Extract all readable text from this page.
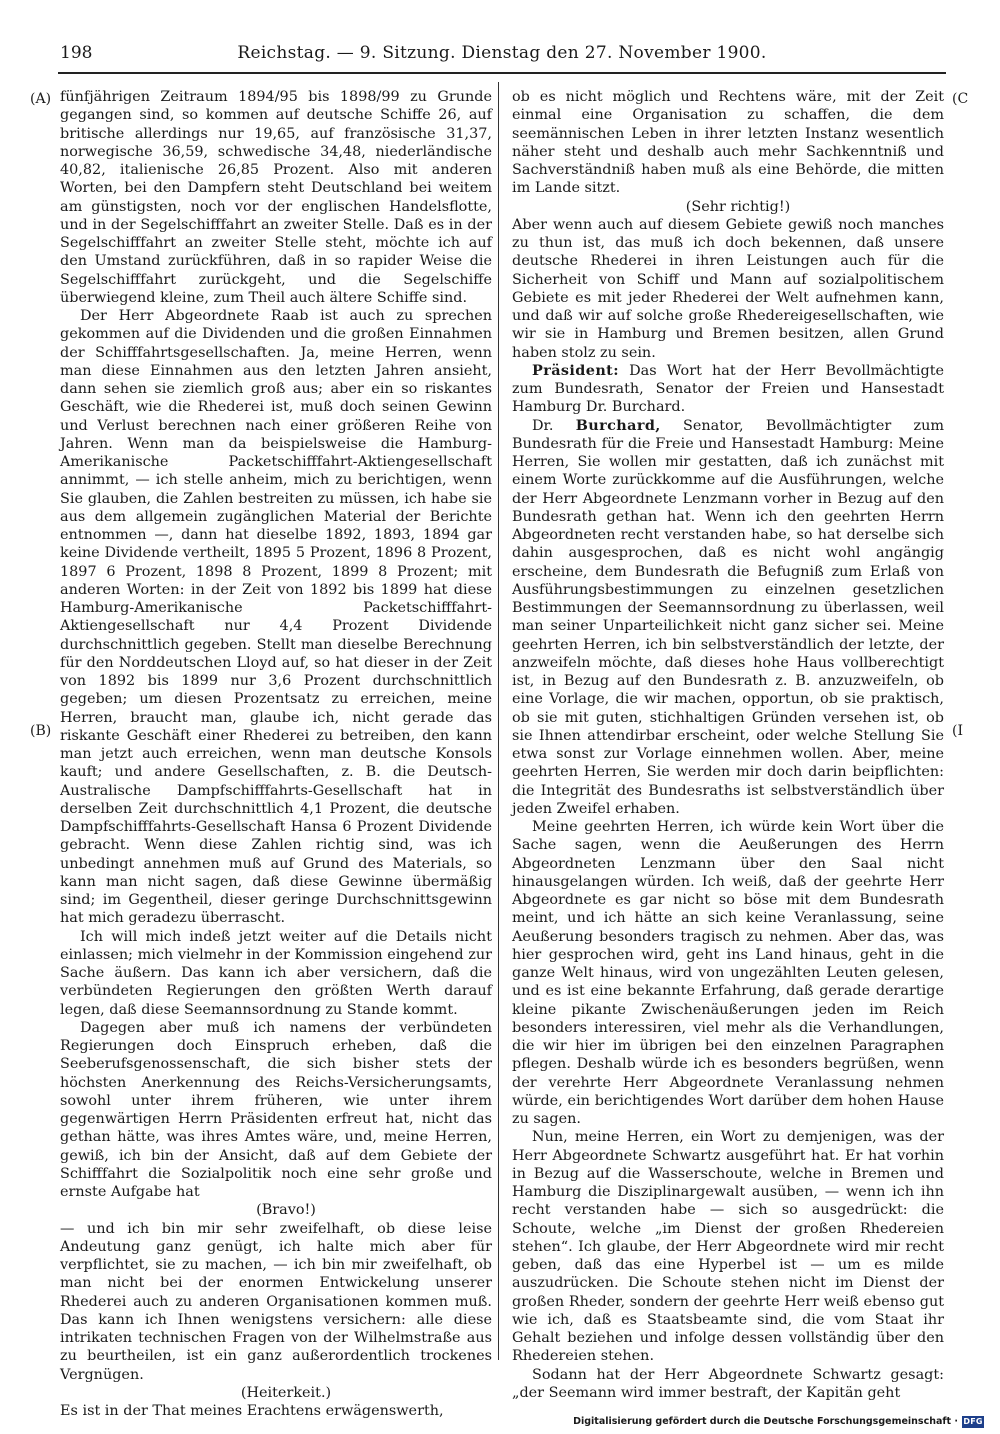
198	Reichstag. — 9. Sitzung. Dienstag den 27. November 1900.
(A)
(B)
(C
(I

fünfjährigen Zeitraum 1894/95 bis 1898/99 zu Grunde gegangen sind, so kommen auf deutsche Schiffe 26, auf britische allerdings nur 19,65, auf französische 31,37, norwegische 36,59, schwedische 34,48, niederländische 40,82, italienische 26,85 Prozent. Also mit anderen Worten, bei den Dampfern steht Deutschland bei weitem am günstigsten, noch vor der englischen Handelsflotte, und in der Segelschifffahrt an zweiter Stelle. Daß es in der Segelschifffahrt an zweiter Stelle steht, möchte ich auf den Umstand zurückführen, daß in so rapider Weise die Segelschifffahrt zurückgeht, und die Segelschiffe überwiegend kleine, zum Theil auch ältere Schiffe sind.

Der Herr Abgeordnete Raab ist auch zu sprechen gekommen auf die Dividenden und die großen Einnahmen der Schifffahrtsgesellschaften. Ja, meine Herren, wenn man diese Einnahmen aus den letzten Jahren ansieht, dann sehen sie ziemlich groß aus; aber ein so riskantes Geschäft, wie die Rhederei ist, muß doch seinen Gewinn und Verlust berechnen nach einer größeren Reihe von Jahren. Wenn man da beispielsweise die Hamburg-Amerikanische Packetschifffahrt-Aktiengesellschaft annimmt, — ich stelle anheim, mich zu berichtigen, wenn Sie glauben, die Zahlen bestreiten zu müssen, ich habe sie aus dem allgemein zugänglichen Material der Berichte entnommen —, dann hat dieselbe 1892, 1893, 1894 gar keine Dividende vertheilt, 1895 5 Prozent, 1896 8 Prozent, 1897 6 Prozent, 1898 8 Prozent, 1899 8 Prozent; mit anderen Worten: in der Zeit von 1892 bis 1899 hat diese Hamburg-Amerikanische Packetschifffahrt-Aktiengesellschaft nur 4,4 Prozent Dividende durchschnittlich gegeben. Stellt man dieselbe Berechnung für den Norddeutschen Lloyd auf, so hat dieser in der Zeit von 1892 bis 1899 nur 3,6 Prozent durchschnittlich gegeben; um diesen Prozentsatz zu erreichen, meine Herren, braucht man, glaube ich, nicht gerade das riskante Geschäft einer Rhederei zu betreiben, den kann man jetzt auch erreichen, wenn man deutsche Konsols kauft; und andere Gesellschaften, z. B. die Deutsch-Australische Dampfschifffahrts-Gesellschaft hat in derselben Zeit durchschnittlich 4,1 Prozent, die deutsche Dampfschifffahrts-Gesellschaft Hansa 6 Prozent Dividende gebracht. Wenn diese Zahlen richtig sind, was ich unbedingt annehmen muß auf Grund des Materials, so kann man nicht sagen, daß diese Gewinne übermäßig sind; im Gegentheil, dieser geringe Durchschnittsgewinn hat mich geradezu überrascht.

Ich will mich indeß jetzt weiter auf die Details nicht einlassen; mich vielmehr in der Kommission eingehend zur Sache äußern. Das kann ich aber versichern, daß die verbündeten Regierungen den größten Werth darauf legen, daß diese Seemannsordnung zu Stande kommt.

Dagegen aber muß ich namens der verbündeten Regierungen doch Einspruch erheben, daß die Seeberufsgenossenschaft, die sich bisher stets der höchsten Anerkennung des Reichs-Versicherungsamts, sowohl unter ihrem früheren, wie unter ihrem gegenwärtigen Herrn Präsidenten erfreut hat, nicht das gethan hätte, was ihres Amtes wäre, und, meine Herren, gewiß, ich bin der Ansicht, daß auf dem Gebiete der Schifffahrt die Sozialpolitik noch eine sehr große und ernste Aufgabe hat

(Bravo!)

— und ich bin mir sehr zweifelhaft, ob diese leise Andeutung ganz genügt, ich halte mich aber für verpflichtet, sie zu machen, — ich bin mir zweifelhaft, ob man nicht bei der enormen Entwickelung unserer Rhederei auch zu anderen Organisationen kommen muß. Das kann ich Ihnen wenigstens versichern: alle diese intrikaten technischen Fragen von der Wilhelmstraße aus zu beurtheilen, ist ein ganz außerordentlich trockenes Vergnügen.

(Heiterkeit.)

Es ist in der That meines Erachtens erwägenswerth,

ob es nicht möglich und Rechtens wäre, mit der Zeit einmal eine Organisation zu schaffen, die dem seemännischen Leben in ihrer letzten Instanz wesentlich näher steht und deshalb auch mehr Sachkenntniß und Sachverständniß haben muß als eine Behörde, die mitten im Lande sitzt.

(Sehr richtig!)

Aber wenn auch auf diesem Gebiete gewiß noch manches zu thun ist, das muß ich doch bekennen, daß unsere deutsche Rhederei in ihren Leistungen auch für die Sicherheit von Schiff und Mann auf sozialpolitischem Gebiete es mit jeder Rhederei der Welt aufnehmen kann, und daß wir auf solche große Rhedereigesellschaften, wie wir sie in Hamburg und Bremen besitzen, allen Grund haben stolz zu sein.

Präsident: Das Wort hat der Herr Bevollmächtigte zum Bundesrath, Senator der Freien und Hansestadt Hamburg Dr. Burchard.

Dr. Burchard, Senator, Bevollmächtigter zum Bundesrath für die Freie und Hansestadt Hamburg: Meine Herren, Sie wollen mir gestatten, daß ich zunächst mit einem Worte zurückkomme auf die Ausführungen, welche der Herr Abgeordnete Lenzmann vorher in Bezug auf den Bundesrath gethan hat. Wenn ich den geehrten Herrn Abgeordneten recht verstanden habe, so hat derselbe sich dahin ausgesprochen, daß es nicht wohl angängig erscheine, dem Bundesrath die Befugniß zum Erlaß von Ausführungsbestimmungen zu einzelnen gesetzlichen Bestimmungen der Seemannsordnung zu überlassen, weil man seiner Unparteilichkeit nicht ganz sicher sei. Meine geehrten Herren, ich bin selbstverständlich der letzte, der anzweifeln möchte, daß dieses hohe Haus vollberechtigt ist, in Bezug auf den Bundesrath z. B. anzuzweifeln, ob eine Vorlage, die wir machen, opportun, ob sie praktisch, ob sie mit guten, stichhaltigen Gründen versehen ist, ob sie Ihnen attendirbar erscheint, oder welche Stellung Sie etwa sonst zur Vorlage einnehmen wollen. Aber, meine geehrten Herren, Sie werden mir doch darin beipflichten: die Integrität des Bundesraths ist selbstverständlich über jeden Zweifel erhaben.

Meine geehrten Herren, ich würde kein Wort über die Sache sagen, wenn die Aeußerungen des Herrn Abgeordneten Lenzmann über den Saal nicht hinausgelangen würden. Ich weiß, daß der geehrte Herr Abgeordnete es gar nicht so böse mit dem Bundesrath meint, und ich hätte an sich keine Veranlassung, seine Aeußerung besonders tragisch zu nehmen. Aber das, was hier gesprochen wird, geht ins Land hinaus, geht in die ganze Welt hinaus, wird von ungezählten Leuten gelesen, und es ist eine bekannte Erfahrung, daß gerade derartige kleine pikante Zwischenäußerungen jeden im Reich besonders interessiren, viel mehr als die Verhandlungen, die wir hier im übrigen bei den einzelnen Paragraphen pflegen. Deshalb würde ich es besonders begrüßen, wenn der verehrte Herr Abgeordnete Veranlassung nehmen würde, ein berichtigendes Wort darüber dem hohen Hause zu sagen.

Nun, meine Herren, ein Wort zu demjenigen, was der Herr Abgeordnete Schwartz ausgeführt hat. Er hat vorhin in Bezug auf die Wasserschoute, welche in Bremen und Hamburg die Disziplinargewalt ausüben, — wenn ich ihn recht verstanden habe — sich so ausgedrückt: die Schoute, welche „im Dienst der großen Rhedereien stehen“. Ich glaube, der Herr Abgeordnete wird mir recht geben, daß das eine Hyperbel ist — um es milde auszudrücken. Die Schoute stehen nicht im Dienst der großen Rheder, sondern der geehrte Herr weiß ebenso gut wie ich, daß es Staatsbeamte sind, die vom Staat ihr Gehalt beziehen und infolge dessen vollständig über den Rhedereien stehen.

Sodann hat der Herr Abgeordnete Schwartz gesagt: „der Seemann wird immer bestraft, der Kapitän geht

Digitalisierung gefördert durch die Deutsche Forschungsgemeinschaft · DFG
